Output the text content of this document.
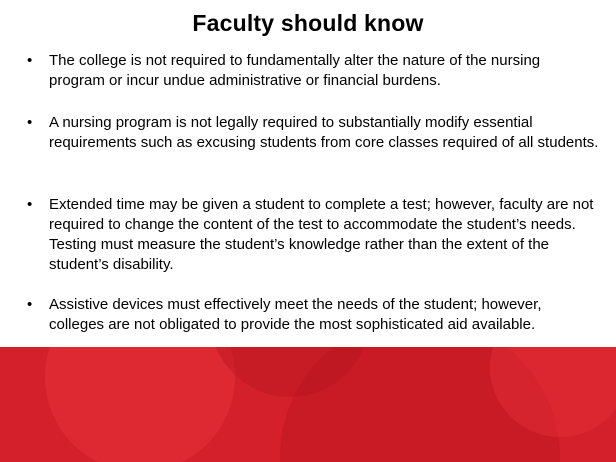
Faculty should know
• The college is not required to fundamentally alter the nature of the nursing program or incur undue administrative or financial burdens.
• A nursing program is not legally required to substantially modify essential requirements such as excusing students from core classes required of all students.
• Extended time may be given a student to complete a test; however, faculty are not required to change the content of the test to accommodate the student’s needs. Testing must measure the student’s knowledge rather than the extent of the student’s disability.
• Assistive devices must effectively meet the needs of the student; however, colleges are not obligated to provide the most sophisticated aid available.
